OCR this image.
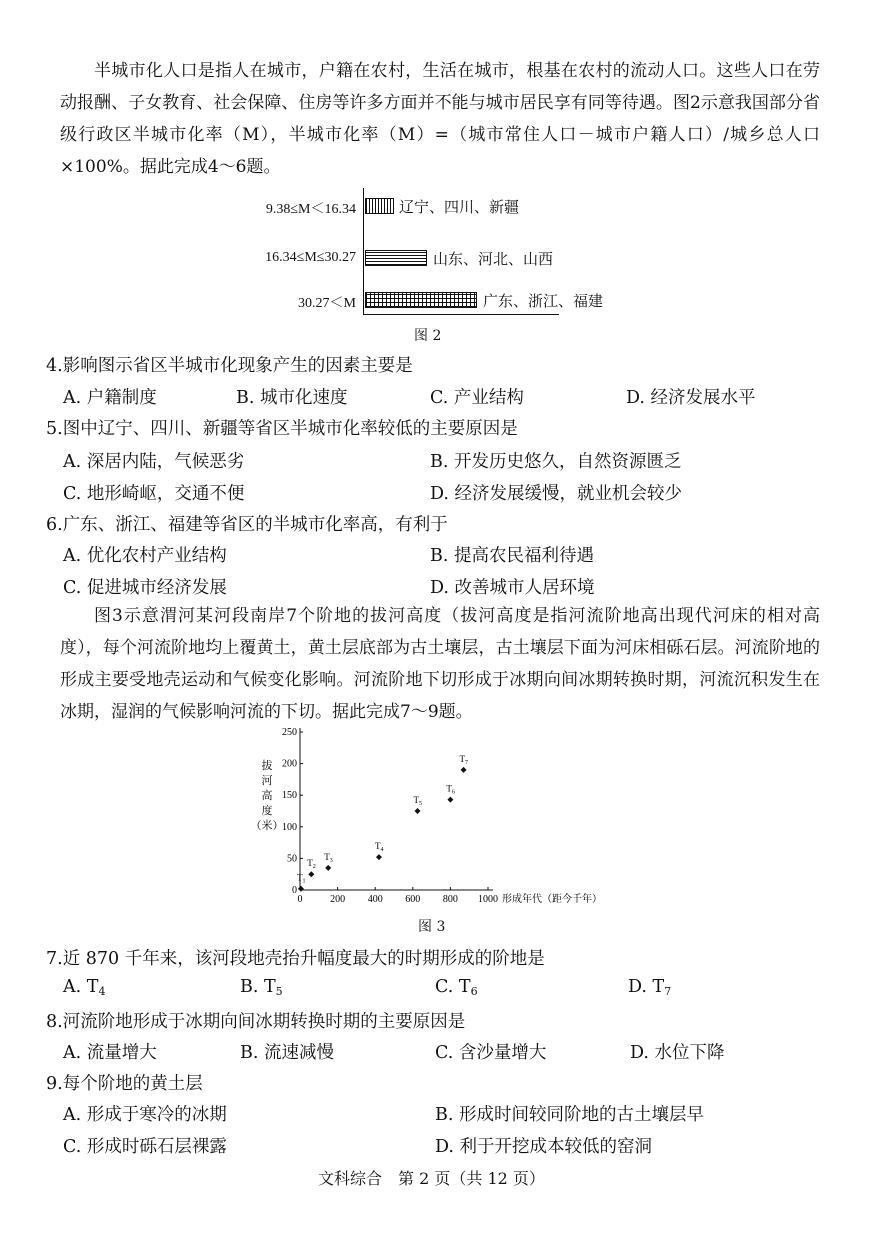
半城市化人口是指人在城市，户籍在农村，生活在城市，根基在农村的流动人口。这些人口在劳动报酬、子女教育、社会保障、住房等许多方面并不能与城市居民享有同等待遇。图2示意我国部分省级行政区半城市化率（M），半城市化率（M）=（城市常住人口－城市户籍人口）/城乡总人口×100%。据此完成4～6题。
9.38≤M＜16.34	辽宁、四川、新疆
16.34≤M≤30.27	山东、河北、山西
30.27＜M	广东、浙江、福建
图 2
4.影响图示省区半城市化现象产生的因素主要是
A. 户籍制度	B. 城市化速度	C. 产业结构	D. 经济发展水平
5.图中辽宁、四川、新疆等省区半城市化率较低的主要原因是
A. 深居内陆，气候恶劣	B. 开发历史悠久，自然资源匮乏
C. 地形崎岖，交通不便	D. 经济发展缓慢，就业机会较少
6.广东、浙江、福建等省区的半城市化率高，有利于
A. 优化农村产业结构	B. 提高农民福利待遇
C. 促进城市经济发展	D. 改善城市人居环境
图3示意渭河某河段南岸7个阶地的拔河高度（拔河高度是指河流阶地高出现代河床的相对高度），每个河流阶地均上覆黄土，黄土层底部为古土壤层，古土壤层下面为河床相砾石层。河流阶地的形成主要受地壳运动和气候变化影响。河流阶地下切形成于冰期向间冰期转换时期，河流沉积发生在冰期，湿润的气候影响河流的下切。据此完成7～9题。
0	200 400 600 800 1000
0
50
100
150
200
250
拔
河
高
度
（米）
形成年代（距今千年）
$T_1$
$T_2$
$T_3$
$T_4$
$T_5$
$T_6$
$T_7$
图 3
7.近 870 千年来，该河段地壳抬升幅度最大的时期形成的阶地是
A. $T_4$	B. $T_5$	C. $T_6$	D. $T_7$
8.河流阶地形成于冰期向间冰期转换时期的主要原因是
A. 流量增大	B. 流速减慢	C. 含沙量增大	D. 水位下降
9.每个阶地的黄土层
A. 形成于寒冷的冰期	B. 形成时间较同阶地的古土壤层早
C. 形成时砾石层裸露	D. 利于开挖成本较低的窑洞
文科综合　第 2 页（共 12 页）
